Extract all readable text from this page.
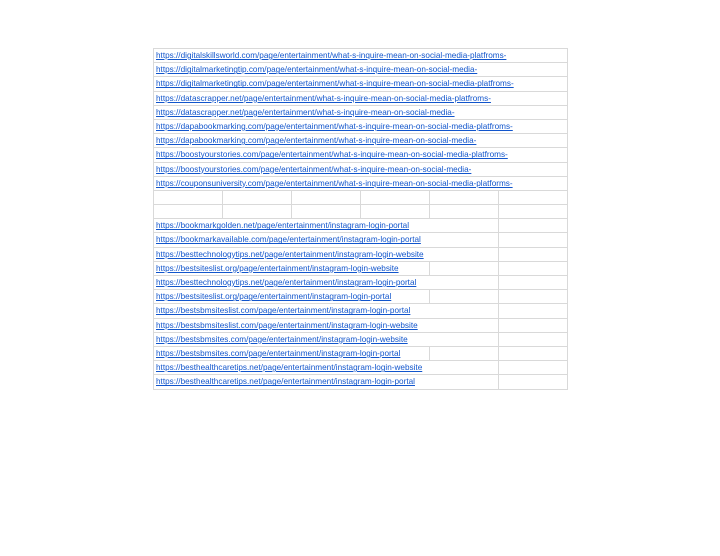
https://digitalskillsworld.com/page/entertainment/what-s-inquire-mean-on-social-media-platfroms-
https://digitalmarketingtip.com/page/entertainment/what-s-inquire-mean-on-social-media-
https://digitalmarketingtip.com/page/entertainment/what-s-inquire-mean-on-social-media-platfroms-
https://datascrapper.net/page/entertainment/what-s-inquire-mean-on-social-media-platfroms-
https://datascrapper.net/page/entertainment/what-s-inquire-mean-on-social-media-
https://dapabookmarking.com/page/entertainment/what-s-inquire-mean-on-social-media-platfroms-
https://dapabookmarking.com/page/entertainment/what-s-inquire-mean-on-social-media-
https://boostyourstories.com/page/entertainment/what-s-inquire-mean-on-social-media-platfroms-
https://boostyourstories.com/page/entertainment/what-s-inquire-mean-on-social-media-
https://couponsuniversity.com/page/entertainment/what-s-inquire-mean-on-social-media-platforms-
https://bookmarkgolden.net/page/entertainment/instagram-login-portal
https://bookmarkavailable.com/page/entertainment/instagram-login-portal
https://besttechnologytips.net/page/entertainment/instagram-login-website
https://bestsiteslist.org/page/entertainment/instagram-login-website
https://besttechnologytips.net/page/entertainment/instagram-login-portal
https://bestsiteslist.org/page/entertainment/instagram-login-portal
https://bestsbmsiteslist.com/page/entertainment/instagram-login-portal
https://bestsbmsiteslist.com/page/entertainment/instagram-login-website
https://bestsbmsites.com/page/entertainment/instagram-login-website
https://bestsbmsites.com/page/entertainment/instagram-login-portal
https://besthealthcaretips.net/page/entertainment/instagram-login-website
https://besthealthcaretips.net/page/entertainment/instagram-login-portal
